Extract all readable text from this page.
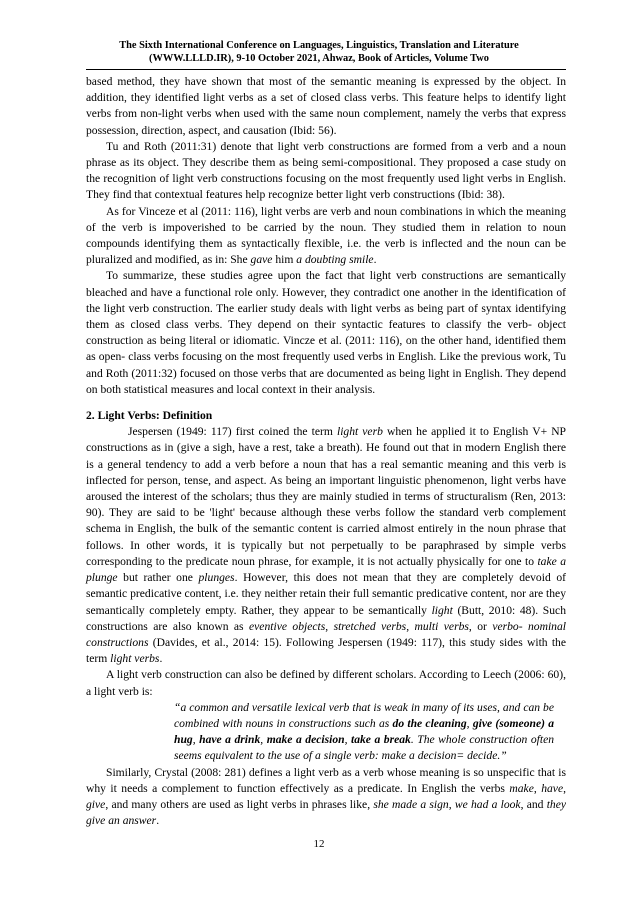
The Sixth International Conference on Languages, Linguistics, Translation and Literature
(WWW.LLLD.IR), 9-10 October 2021, Ahwaz, Book of Articles, Volume Two

based method, they have shown that most of the semantic meaning is expressed by the object. In addition, they identified light verbs as a set of closed class verbs. This feature helps to identify light verbs from non-light verbs when used with the same noun complement, namely the verbs that express possession, direction, aspect, and causation (Ibid: 56).

Tu and Roth (2011:31) denote that light verb constructions are formed from a verb and a noun phrase as its object. They describe them as being semi-compositional. They proposed a case study on the recognition of light verb constructions focusing on the most frequently used light verbs in English. They find that contextual features help recognize better light verb constructions (Ibid: 38).

As for Vinceze et al (2011: 116), light verbs are verb and noun combinations in which the meaning of the verb is impoverished to be carried by the noun. They studied them in relation to noun compounds identifying them as syntactically flexible, i.e. the verb is inflected and the noun can be pluralized and modified, as in: She gave him a doubting smile.

To summarize, these studies agree upon the fact that light verb constructions are semantically bleached and have a functional role only. However, they contradict one another in the identification of the light verb construction. The earlier study deals with light verbs as being part of syntax identifying them as closed class verbs. They depend on their syntactic features to classify the verb- object construction as being literal or idiomatic. Vincze et al. (2011: 116), on the other hand, identified them as open- class verbs focusing on the most frequently used verbs in English. Like the previous work, Tu and Roth (2011:32) focused on those verbs that are documented as being light in English. They depend on both statistical measures and local context in their analysis.

2. Light Verbs: Definition

Jespersen (1949: 117) first coined the term light verb when he applied it to English V+ NP constructions as in (give a sigh, have a rest, take a breath). He found out that in modern English there is a general tendency to add a verb before a noun that has a real semantic meaning and this verb is inflected for person, tense, and aspect. As being an important linguistic phenomenon, light verbs have aroused the interest of the scholars; thus they are mainly studied in terms of structuralism (Ren, 2013: 90). They are said to be 'light' because although these verbs follow the standard verb complement schema in English, the bulk of the semantic content is carried almost entirely in the noun phrase that follows. In other words, it is typically but not perpetually to be paraphrased by simple verbs corresponding to the predicate noun phrase, for example, it is not actually physically for one to take a plunge but rather one plunges. However, this does not mean that they are completely devoid of semantic predicative content, i.e. they neither retain their full semantic predicative content, nor are they semantically completely empty. Rather, they appear to be semantically light (Butt, 2010: 48). Such constructions are also known as eventive objects, stretched verbs, multi verbs, or verbo- nominal constructions (Davides, et al., 2014: 15). Following Jespersen (1949: 117), this study sides with the term light verbs.

A light verb construction can also be defined by different scholars. According to Leech (2006: 60), a light verb is:

“a common and versatile lexical verb that is weak in many of its uses, and can be combined with nouns in constructions such as do the cleaning, give (someone) a hug, have a drink, make a decision, take a break. The whole construction often seems equivalent to the use of a single verb: make a decision= decide.”

Similarly, Crystal (2008: 281) defines a light verb as a verb whose meaning is so unspecific that is why it needs a complement to function effectively as a predicate. In English the verbs make, have, give, and many others are used as light verbs in phrases like, she made a sign, we had a look, and they give an answer.

12
